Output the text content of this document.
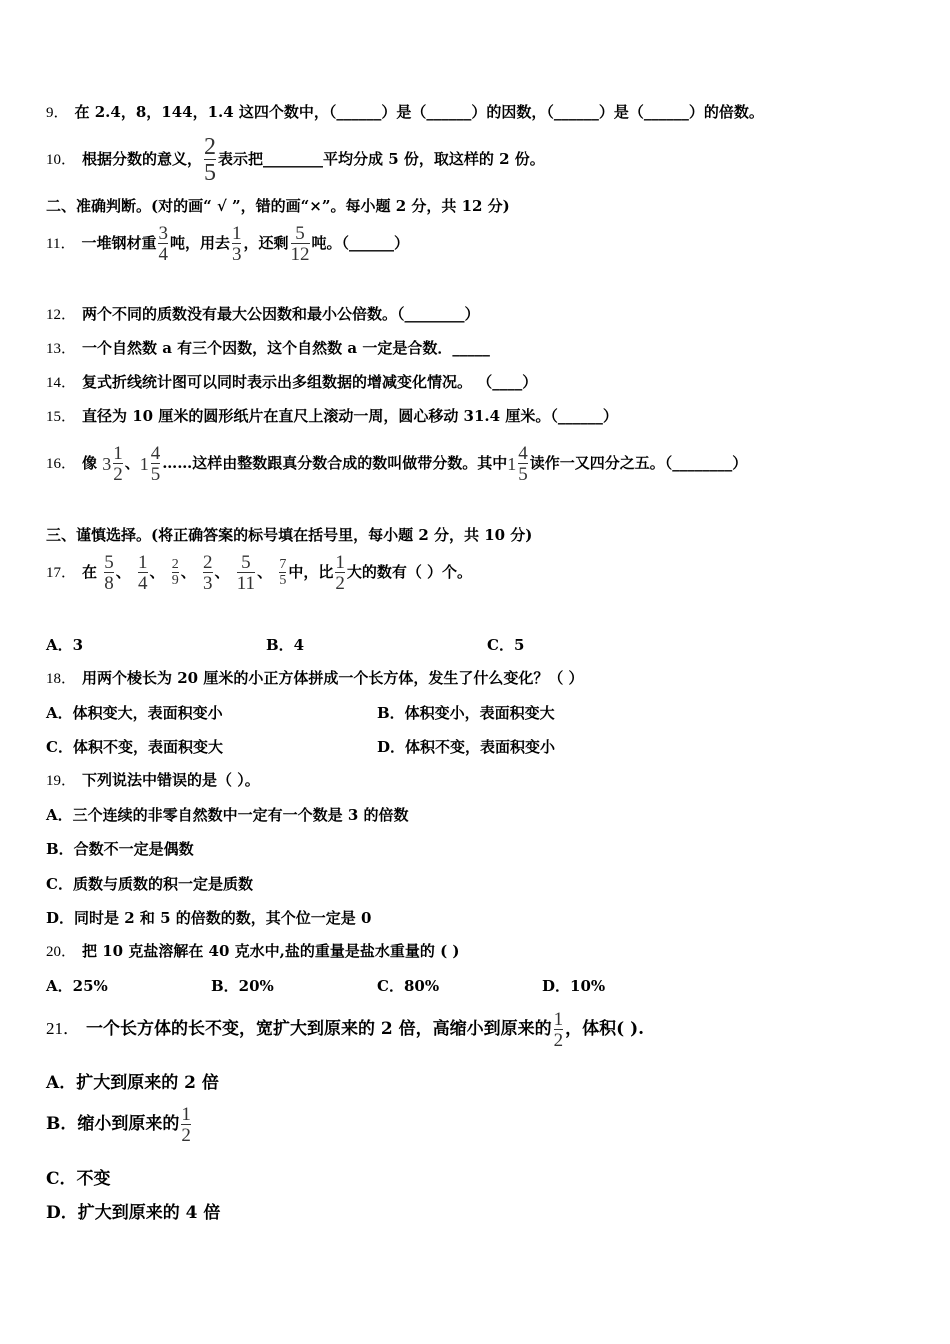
9． 在 2.4，8，144，1.4 这四个数中，（______）是（______）的因数，（______）是（______）的倍数。
10． 根据分数的意义， $\frac{2}{5}$ 表示把________平均分成 5 份，取这样的 2 份。
二、准确判断。(对的画“ √ ”，错的画“×”。每小题 2 分，共 12 分)
11． 一堆钢材重 $\frac{3}{4}$ 吨，用去 $\frac{1}{3}$ ，还剩 $\frac{5}{12}$ 吨。（______）
12． 两个不同的质数没有最大公因数和最小公倍数。（________）
13． 一个自然数 a 有三个因数，这个自然数 a 一定是合数．_____
14． 复式折线统计图可以同时表示出多组数据的增减变化情况。 （____）
15． 直径为 10 厘米的圆形纸片在直尺上滚动一周，圆心移动 31.4 厘米。（______）
16． 像 $3 \frac{1}{2}$ 、 $1 \frac{4}{5}$ ……这样由整数跟真分数合成的数叫做带分数。其中 $1 \frac{4}{5}$ 读作一又四分之五。（________）
三、谨慎选择。(将正确答案的标号填在括号里，每小题 2 分，共 10 分)
17． 在 $\frac{5}{8}$ 、 $\frac{1}{4}$ 、 $\frac{2}{9}$ 、 $\frac{2}{3}$ 、 $\frac{5}{11}$ 、 $\frac{7}{5}$ 中，比 $\frac{1}{2}$ 大的数有（ ）个。
A．3	B．4	C．5
18． 用两个棱长为 20 厘米的小正方体拼成一个长方体，发生了什么变化？（ ）
A．体积变大，表面积变小	B．体积变小，表面积变大
C．体积不变，表面积变大	D．体积不变，表面积变小
19． 下列说法中错误的是（ ）。
A．三个连续的非零自然数中一定有一个数是 3 的倍数
B．合数不一定是偶数
C．质数与质数的积一定是质数
D．同时是 2 和 5 的倍数的数，其个位一定是 0
20． 把 10 克盐溶解在 40 克水中,盐的重量是盐水重量的 ( )
A．25%	B．20%	C．80%	D．10%
21． 一个长方体的长不变，宽扩大到原来的 2 倍，高缩小到原来的 $\frac{1}{2}$ ，体积( ).
A．扩大到原来的 2 倍
B．缩小到原来的 $\frac{1}{2}$
C．不变
D．扩大到原来的 4 倍
